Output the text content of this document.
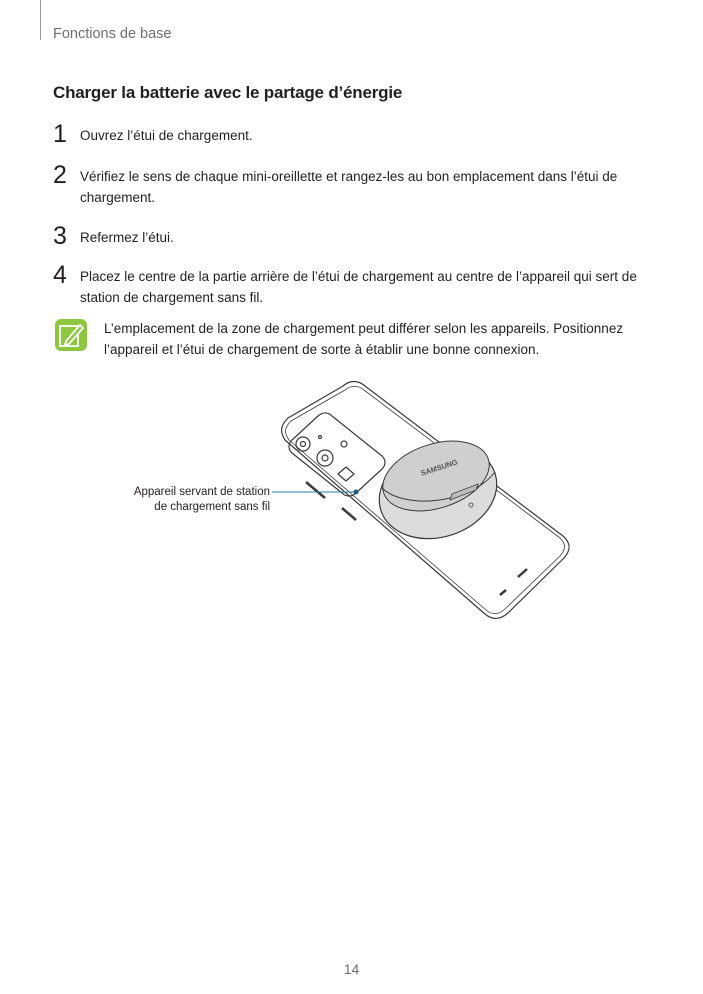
Fonctions de base
Charger la batterie avec le partage d’énergie
1 Ouvrez l’étui de chargement.
2 Vérifiez le sens de chaque mini-oreillette et rangez-les au bon emplacement dans l’étui de chargement.
3 Refermez l’étui.
4 Placez le centre de la partie arrière de l’étui de chargement au centre de l’appareil qui sert de station de chargement sans fil.
L’emplacement de la zone de chargement peut différer selon les appareils. Positionnez l’appareil et l’étui de chargement de sorte à établir une bonne connexion.
SAMSUNG
Appareil servant de station
de chargement sans fil
14
